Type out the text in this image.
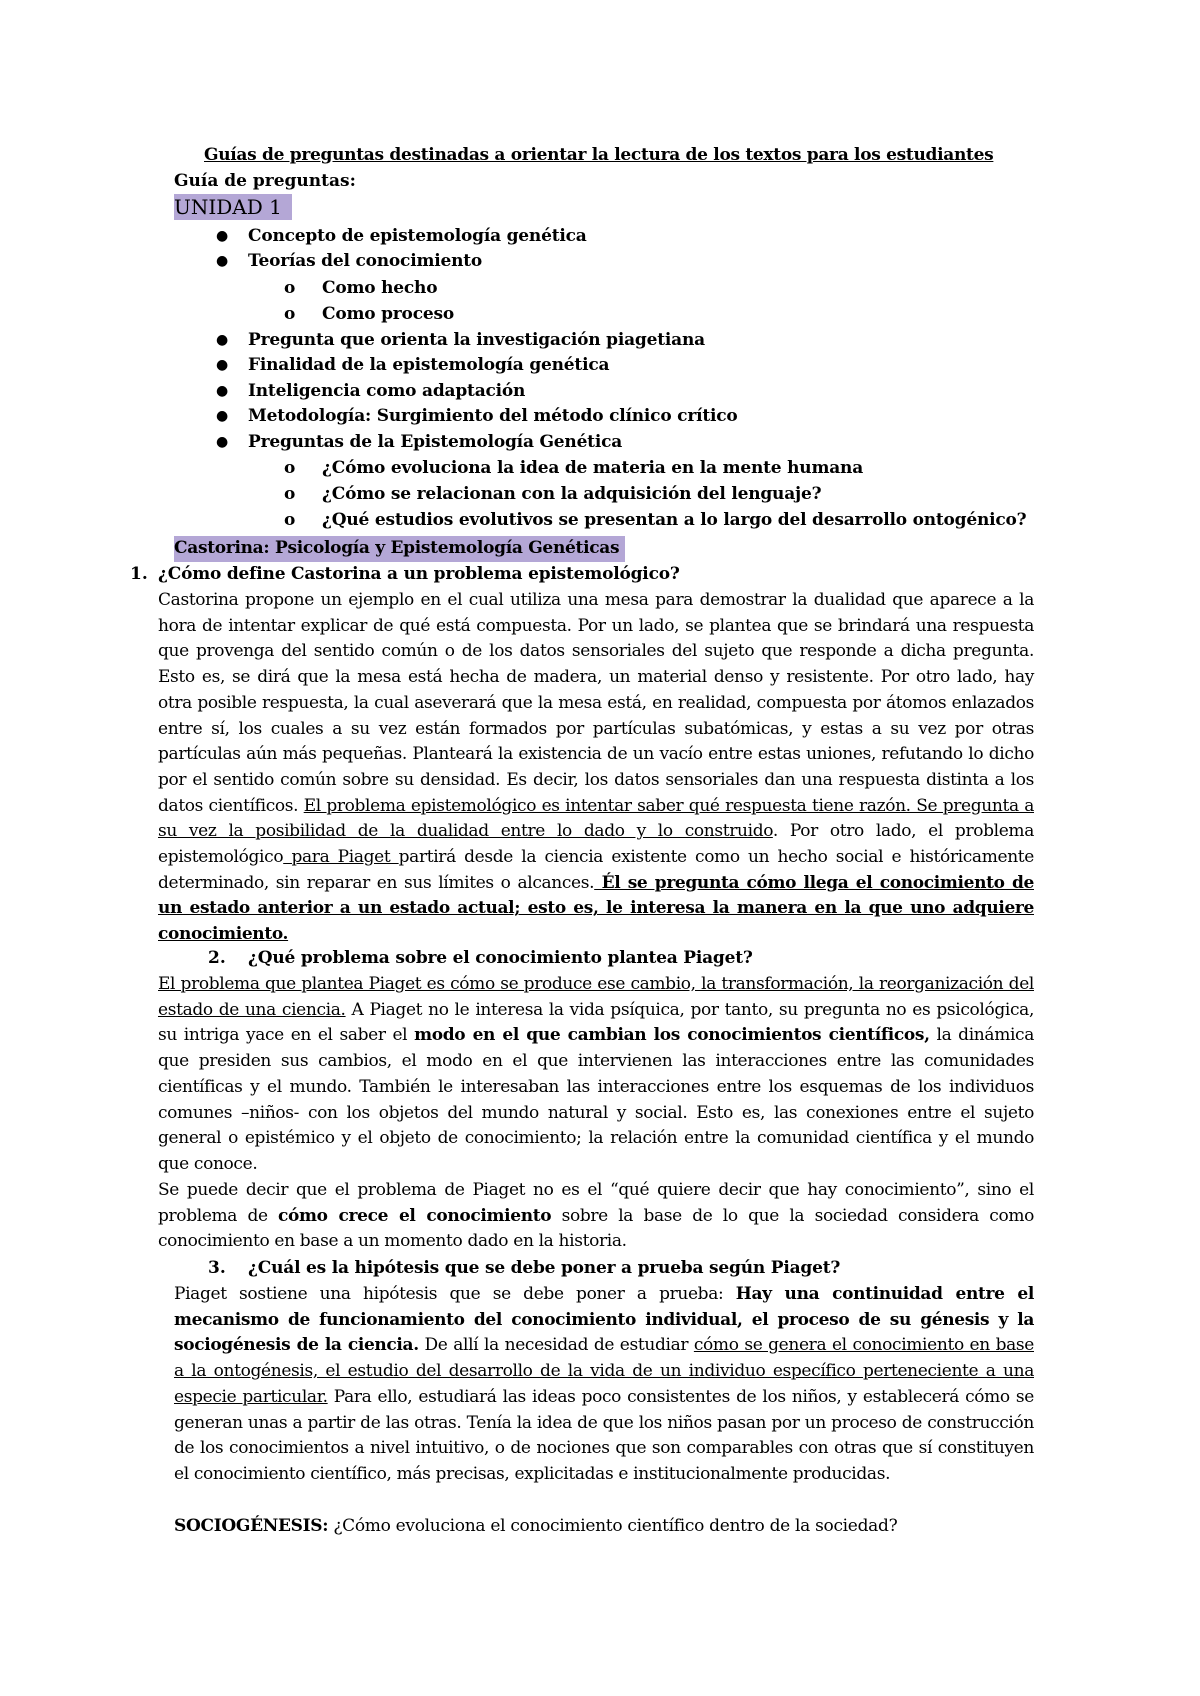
Guías de preguntas destinadas a orientar la lectura de los textos para los estudiantes
Guía de preguntas:
UNIDAD 1
● Concepto de epistemología genética
● Teorías del conocimiento
o Como hecho
o Como proceso
● Pregunta que orienta la investigación piagetiana
● Finalidad de la epistemología genética
● Inteligencia como adaptación
● Metodología: Surgimiento del método clínico crítico
● Preguntas de la Epistemología Genética
o ¿Cómo evoluciona la idea de materia en la mente humana
o ¿Cómo se relacionan con la adquisición del lenguaje?
o ¿Qué estudios evolutivos se presentan a lo largo del desarrollo ontogénico?
Castorina: Psicología y Epistemología Genéticas
1. ¿Cómo define Castorina a un problema epistemológico?
Castorina propone un ejemplo en el cual utiliza una mesa para demostrar la dualidad que aparece a la hora de intentar explicar de qué está compuesta. Por un lado, se plantea que se brindará una respuesta que provenga del sentido común o de los datos sensoriales del sujeto que responde a dicha pregunta. Esto es, se dirá que la mesa está hecha de madera, un material denso y resistente. Por otro lado, hay otra posible respuesta, la cual aseverará que la mesa está, en realidad, compuesta por átomos enlazados entre sí, los cuales a su vez están formados por partículas subatómicas, y estas a su vez por otras partículas aún más pequeñas. Planteará la existencia de un vacío entre estas uniones, refutando lo dicho por el sentido común sobre su densidad. Es decir, los datos sensoriales dan una respuesta distinta a los datos científicos. El problema epistemológico es intentar saber qué respuesta tiene razón. Se pregunta a su vez la posibilidad de la dualidad entre lo dado y lo construido. Por otro lado, el problema epistemológico para Piaget partirá desde la ciencia existente como un hecho social e históricamente determinado, sin reparar en sus límites o alcances. Él se pregunta cómo llega el conocimiento de un estado anterior a un estado actual; esto es, le interesa la manera en la que uno adquiere conocimiento.
2. ¿Qué problema sobre el conocimiento plantea Piaget?
El problema que plantea Piaget es cómo se produce ese cambio, la transformación, la reorganización del estado de una ciencia. A Piaget no le interesa la vida psíquica, por tanto, su pregunta no es psicológica, su intriga yace en el saber el modo en el que cambian los conocimientos científicos, la dinámica que presiden sus cambios, el modo en el que intervienen las interacciones entre las comunidades científicas y el mundo. También le interesaban las interacciones entre los esquemas de los individuos comunes –niños- con los objetos del mundo natural y social. Esto es, las conexiones entre el sujeto general o epistémico y el objeto de conocimiento; la relación entre la comunidad científica y el mundo que conoce.
Se puede decir que el problema de Piaget no es el “qué quiere decir que hay conocimiento”, sino el problema de cómo crece el conocimiento sobre la base de lo que la sociedad considera como conocimiento en base a un momento dado en la historia.
3. ¿Cuál es la hipótesis que se debe poner a prueba según Piaget?
Piaget sostiene una hipótesis que se debe poner a prueba: Hay una continuidad entre el mecanismo de funcionamiento del conocimiento individual, el proceso de su génesis y la sociogénesis de la ciencia. De allí la necesidad de estudiar cómo se genera el conocimiento en base a la ontogénesis, el estudio del desarrollo de la vida de un individuo específico perteneciente a una especie particular. Para ello, estudiará las ideas poco consistentes de los niños, y establecerá cómo se generan unas a partir de las otras. Tenía la idea de que los niños pasan por un proceso de construcción de los conocimientos a nivel intuitivo, o de nociones que son comparables con otras que sí constituyen el conocimiento científico, más precisas, explicitadas e institucionalmente producidas.
SOCIOGÉNESIS: ¿Cómo evoluciona el conocimiento científico dentro de la sociedad?
